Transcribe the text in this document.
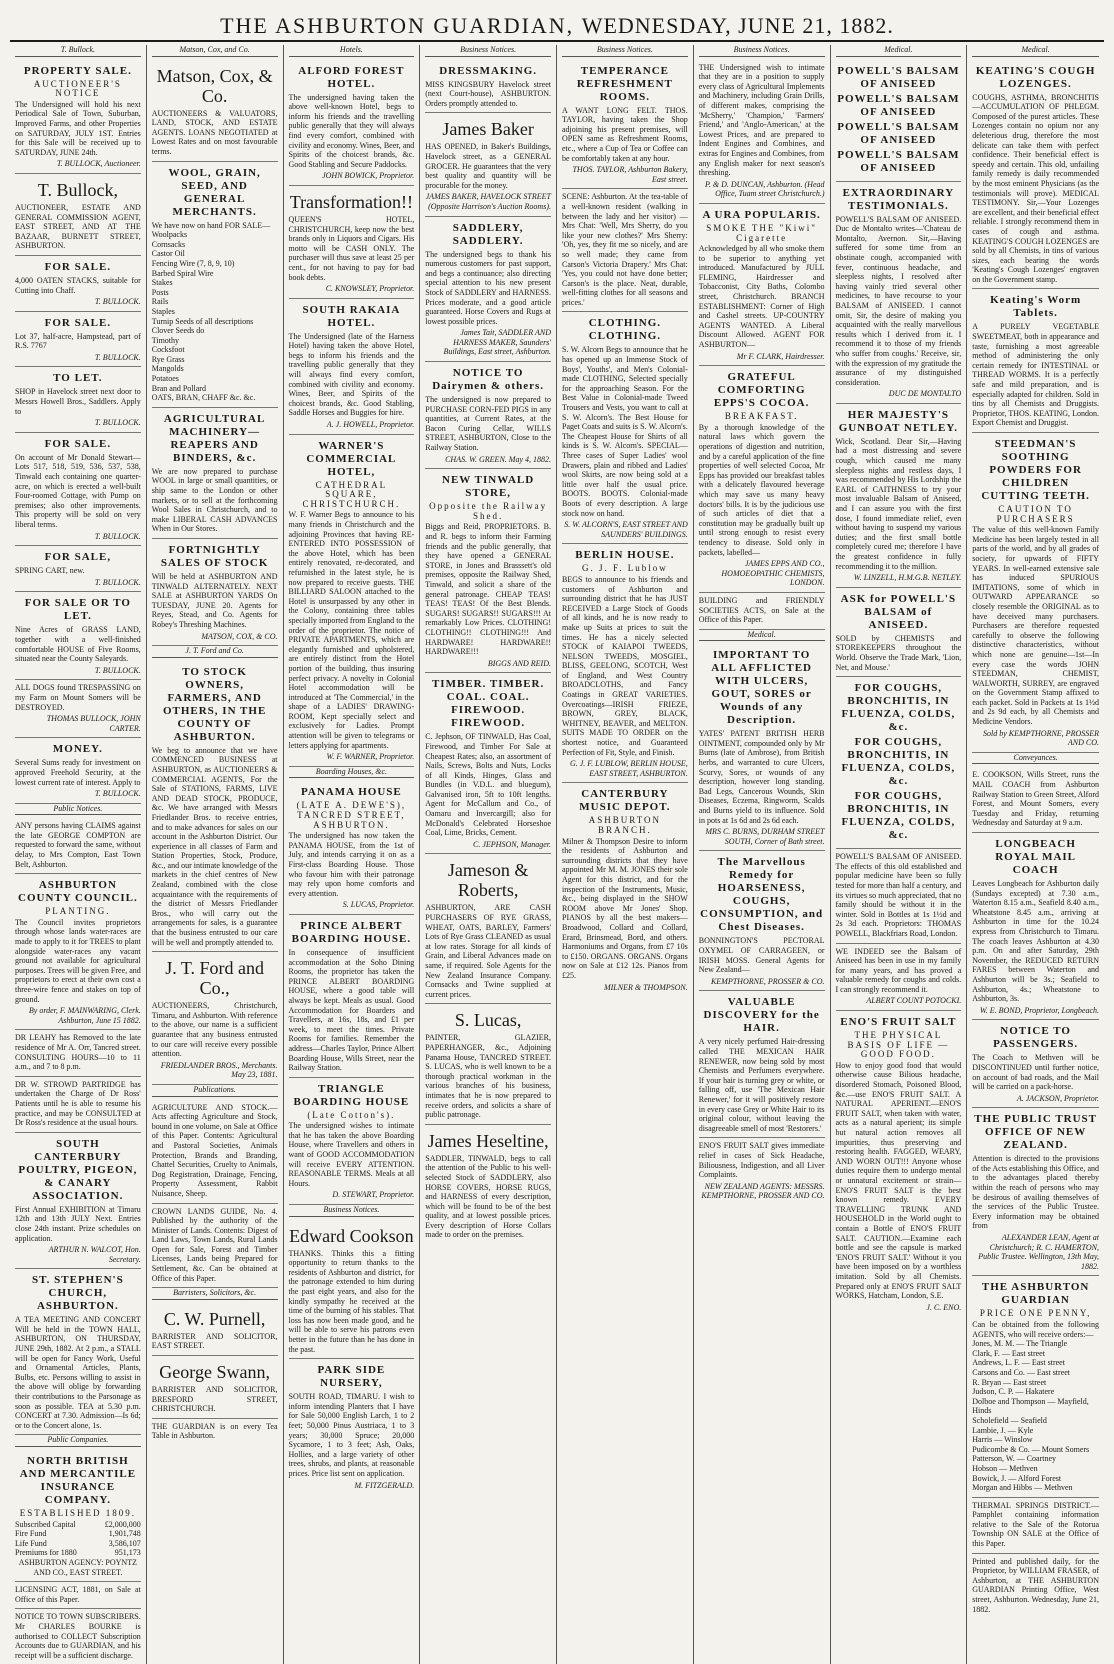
THE ASHBURTON GUARDIAN, WEDNESDAY, JUNE 21, 1882.
T. Bullock.
PROPERTY SALE.
AUCTIONEER'S NOTICE
The Undersigned will hold his next Periodical Sale of Town, Suburban, Improved Farms, and other Properties on SATURDAY, JULY 1ST. Entries for this Sale will be received up to SATURDAY, JUNE 24th.
T. BULLOCK, Auctioneer.
T. Bullock,
AUCTIONEER, ESTATE AND GENERAL COMMISSION AGENT, EAST STREET, AND AT THE BAZAAR, BURNETT STREET, ASHBURTON.
FOR SALE.
4,000 OATEN STACKS, suitable for Cutting into Chaff.
T. BULLOCK.
FOR SALE.
Lot 37, half-acre, Hampstead, part of R.S. 7767
T. BULLOCK.
TO LET.
SHOP in Havelock street next door to Messrs Howell Bros., Saddlers. Apply to
T. BULLOCK.
FOR SALE.
On account of Mr Donald Stewart—Lots 517, 518, 519, 536, 537, 538, Tinwald each containing one quarter-acre, on which is erected a well-built Four-roomed Cottage, with Pump on premises; also other improvements. This property will be sold on very liberal terms.
T. BULLOCK.
FOR SALE,
SPRING CART, new.
T. BULLOCK.
FOR SALE OR TO LET.
Nine Acres of GRASS LAND, together with a well-finished comfortable HOUSE of Five Rooms, situated near the County Saleyards.
T. BULLOCK.
ALL DOGS found TRESPASSING on my Farm on Mount Somers will be DESTROYED.
THOMAS BULLOCK, JOHN CARTER.
MONEY.
Several Sums ready for investment on approved Freehold Security, at the lowest current rate of interest. Apply to
T. BULLOCK.
Public Notices.
ANY persons having CLAIMS against the late GEORGE COMPTON are requested to forward the same, without delay, to Mrs Compton, East Town Belt, Ashburton.
ASHBURTON COUNTY COUNCIL.
PLANTING.
The Council invites proprietors through whose lands water-races are made to apply to it for TREES to plant alongside water-races any vacant ground not available for agricultural purposes. Trees will be given Free, and proprietors to erect at their own cost a three-wire fence and stakes on top of ground.
By order, F. MAINWARING, Clerk. Ashburton, June 15 1882.
DR LEAHY has Removed to the late residence of Mr A. Orr, Tancred street. CONSULTING HOURS—10 to 11 a.m., and 7 to 8 p.m.
DR W. STROWD PARTRIDGE has undertaken the Charge of Dr Ross' Patients until he is able to resume his practice, and may be CONSULTED at Dr Ross's residence at the usual hours.
SOUTH CANTERBURY POULTRY, PIGEON, & CANARY ASSOCIATION.
First Annual EXHIBITION at Timaru 12th and 13th JULY Next. Entries close 24th instant. Prize schedules on application.
ARTHUR N. WALCOT, Hon. Secretary.
ST. STEPHEN'S CHURCH, ASHBURTON.
A TEA MEETING AND CONCERT Will be held in the TOWN HALL, ASHBURTON, ON THURSDAY, JUNE 29th, 1882. At 2 p.m., a STALL will be open for Fancy Work, Useful and Ornamental Articles, Plants, Bulbs, etc. Persons willing to assist in the above will oblige by forwarding their contributions to the Parsonage as soon as possible. TEA at 5.30 p.m. CONCERT at 7.30. Admission—Is 6d; or to the Concert alone, 1s.
Public Companies.
NORTH BRITISH AND MERCANTILE INSURANCE COMPANY.
ESTABLISHED 1809.
Subscribed Capital	£2,000,000
Fire Fund	1,901,748
Life Fund	3,586,107
Premiums for 1880	951,173
ASHBURTON AGENCY: POYNTZ AND CO., EAST STREET.
LICENSING ACT, 1881, on Sale at Office of this Paper.
NOTICE TO TOWN SUBSCRIBERS. Mr CHARLES BOURKE is authorised to COLLECT Subscription Accounts due to GUARDIAN, and his receipt will be a sufficient discharge.
Matson, Cox, and Co.
Matson, Cox, & Co.
AUCTIONEERS & VALUATORS, LAND, STOCK, AND ESTATE AGENTS. LOANS NEGOTIATED at Lowest Rates and on most favourable terms.
WOOL, GRAIN, SEED, AND GENERAL MERCHANTS.
We have now on hand FOR SALE—
Woolpacks
Cornsacks
Castor Oil
Fencing Wire (7, 8, 9, 10)
Barbed Spiral Wire
Stakes
Posts
Rails
Staples
Turnip Seeds of all descriptions
Clover Seeds do
Timothy
Cocksfoot
Rye Grass
Mangolds
Potatoes
Bran and Pollard
OATS, BRAN, CHAFF &c. &c.
AGRICULTURAL MACHINERY—REAPERS AND BINDERS, &c.
We are now prepared to purchase WOOL in large or small quantities, or ship same to the London or other markets, or to sell at the forthcoming Wool Sales in Christchurch, and to make LIBERAL CASH ADVANCES When in Our Stores.
FORTNIGHTLY SALES OF STOCK
Will be held at ASHBURTON AND TINWALD ALTERNATELY. NEXT SALE at ASHBURTON YARDS On TUESDAY, JUNE 20. Agents for Reyes, Stead, and Co. Agents for Robey's Threshing Machines.
MATSON, COX, & CO.
J. T. Ford and Co.
TO STOCK OWNERS, FARMERS, AND OTHERS, IN THE COUNTY OF ASHBURTON.
We beg to announce that we have COMMENCED BUSINESS at ASHBURTON, as AUCTIONEERS & COMMERCIAL AGENTS, For the Sale of STATIONS, FARMS, LIVE AND DEAD STOCK, PRODUCE, &c. We have arranged with Messrs Friedlander Bros. to receive entries, and to make advances for sales on our account in the Ashburton District. Our experience in all classes of Farm and Station Properties, Stock, Produce, &c., and our intimate knowledge of the markets in the chief centres of New Zealand, combined with the close acquaintance with the requirements of the district of Messrs Friedlander Bros., who will carry out the arrangements for sales, is a guarantee that the business entrusted to our care will be well and promptly attended to.
J. T. Ford and Co.,
AUCTIONEERS, Christchurch, Timaru, and Ashburton. With reference to the above, our name is a sufficient guarantee that any business entrusted to our care will receive every possible attention.
FRIEDLANDER BROS., Merchants. May 23, 1881.
Publications.
AGRICULTURE AND STOCK.—Acts affecting Agriculture and Stock, bound in one volume, on Sale at Office of this Paper. Contents: Agricultural and Pastoral Societies, Animals Protection, Brands and Branding, Chattel Securities, Cruelty to Animals, Dog Registration, Drainage, Fencing, Property Assessment, Rabbit Nuisance, Sheep.
CROWN LANDS GUIDE, No. 4. Published by the authority of the Minister of Lands. Contents: Digest of Land Laws, Town Lands, Rural Lands Open for Sale, Forest and Timber Licenses, Lands being Prepared for Settlement, &c. Can be obtained at Office of this Paper.
Barristers, Solicitors, &c.
C. W. Purnell,
BARRISTER AND SOLICITOR, EAST STREET.
George Swann,
BARRISTER AND SOLICITOR, BRESFORD STREET, CHRISTCHURCH.
THE GUARDIAN is on every Tea Table in Ashburton.
Hotels.
ALFORD FOREST HOTEL.
The undersigned having taken the above well-known Hotel, begs to inform his friends and the travelling public generally that they will always find every comfort, combined with civility and economy. Wines, Beer, and Spirits of the choicest brands, &c. Good Stabling and Secure Paddocks.
JOHN BOWICK, Proprietor.
Transformation!!
QUEEN'S HOTEL, CHRISTCHURCH, keep now the best brands only in Liquors and Cigars. His motto will be CASH ONLY. The purchaser will thus save at least 25 per cent., for not having to pay for bad book debts.
C. KNOWSLEY, Proprietor.
SOUTH RAKAIA HOTEL.
The Undersigned (late of the Harness Hotel) having taken the above Hotel, begs to inform his friends and the travelling public generally that they will always find every comfort, combined with civility and economy. Wines, Beer, and Spirits of the choicest brands, &c. Good Stabling, Saddle Horses and Buggies for hire.
A. J. HOWELL, Proprietor.
WARNER'S COMMERCIAL HOTEL,
CATHEDRAL SQUARE, CHRISTCHURCH.
W. F. Warner Begs to announce to his many friends in Christchurch and the adjoining Provinces that having RE-ENTERED INTO POSSESSION of the above Hotel, which has been entirely renovated, re-decorated, and refurnished in the latest style, he is now prepared to receive guests. THE BILLIARD SALOON attached to the Hotel is unsurpassed by any other in the Colony, containing three tables specially imported from England to the order of the proprietor. The notice of PRIVATE APARTMENTS, which are elegantly furnished and upholstered, are entirely distinct from the Hotel portion of the building, thus insuring perfect privacy. A novelty in Colonial Hotel accommodation will be introduced at 'The Commercial,' in the shape of a LADIES' DRAWING-ROOM, Kept specially select and exclusively for Ladies. Prompt attention will be given to telegrams or letters applying for apartments.
W. F. WARNER, Proprietor.
Boarding Houses, &c.
PANAMA HOUSE
(LATE A. DEWE'S), TANCRED STREET, ASHBURTON.
The undersigned has now taken the PANAMA HOUSE, from the 1st of July, and intends carrying it on as a First-class Boarding House. Those who favour him with their patronage may rely upon home comforts and every attention.
S. LUCAS, Proprietor.
PRINCE ALBERT BOARDING HOUSE.
In consequence of insufficient accommodation at the Soho Dining Rooms, the proprietor has taken the PRINCE ALBERT BOARDING HOUSE, where a good table will always be kept. Meals as usual. Good Accommodation for Boarders and Travellers, at 16s, 18s, and £1 per week, to meet the times. Private Rooms for families. Remember the address—Charles Taylor, Prince Albert Boarding House, Wills Street, near the Railway Station.
TRIANGLE BOARDING HOUSE
(Late Cotton's).
The undersigned wishes to intimate that he has taken the above Boarding House, where Travellers and others in want of GOOD ACCOMMODATION will receive EVERY ATTENTION. REASONABLE TERMS. Meals at all Hours.
D. STEWART, Proprietor.
Business Notices.
Edward Cookson
THANKS. Thinks this a fitting opportunity to return thanks to the residents of Ashburton and district, for the patronage extended to him during the past eight years, and also for the kindly sympathy he received at the time of the burning of his stables. That loss has now been made good, and he will be able to serve his patrons even better in the future than he has done in the past.
PARK SIDE NURSERY,
SOUTH ROAD, TIMARU. I wish to inform intending Planters that I have for Sale 50,000 English Larch, 1 to 2 feet; 50,000 Pinus Austriaca, 1 to 3 years; 30,000 Spruce; 20,000 Sycamore, 1 to 3 feet; Ash, Oaks, Hollies, and a large variety of other trees, shrubs, and plants, at reasonable prices. Price list sent on application.
M. FITZGERALD.
Business Notices.
DRESSMAKING.
MISS KINGSBURY Havelock street (next Court-house), ASHBURTON. Orders promptly attended to.
James Baker
HAS OPENED, in Baker's Buildings, Havelock street, as a GENERAL GROCER. He guarantees that the very best quality and quantity will be procurable for the money.
JAMES BAKER, HAVELOCK STREET (Opposite Harrison's Auction Rooms).
SADDLERY, SADDLERY.
The undersigned begs to thank his numerous customers for past support, and begs a continuance; also directing special attention to his new present Stock of SADDLERY and HARNESS. Prices moderate, and a good article guaranteed. Horse Covers and Rugs at lowest possible prices.
James Tait, SADDLER AND HARNESS MAKER, Saunders' Buildings, East street, Ashburton.
NOTICE TO Dairymen & others.
The undersigned is now prepared to PURCHASE CORN-FED PIGS in any quantities, at Current Rates, at the Bacon Curing Cellar, WILLS STREET, ASHBURTON, Close to the Railway Station.
CHAS. W. GREEN. May 4, 1882.
NEW TINWALD STORE,
Opposite the Railway Shed.
Biggs and Reid, PROPRIETORS. B. and R. begs to inform their Farming friends and the public generally, that they have opened a GENERAL STORE, in Jones and Brasssett's old premises, opposite the Railway Shed, Tinwald, and solicit a share of the general patronage. CHEAP TEAS! TEAS! TEAS! Of the Best Blends. SUGARS! SUGARS!! SUGARS!!! At remarkably Low Prices. CLOTHING! CLOTHING!! CLOTHING!!! And HARDWARE! HARDWARE!! HARDWARE!!!
BIGGS AND REID.
TIMBER. TIMBER. COAL. COAL. FIREWOOD. FIREWOOD.
C. Jephson, OF TINWALD, Has Coal, Firewood, and Timber For Sale at Cheapest Rates; also, an assortment of Nails, Screws, Bolts and Nuts, Locks of all Kinds, Hinges, Glass and Bundles (in V.D.L. and bluegum), Galvanised iron, 5ft to 10ft lengths. Agent for McCallum and Co., of Oamaru and Invercargill; also for McDonald's Celebrated Horseshoe Coal, Lime, Bricks, Cement.
C. JEPHSON, Manager.
Jameson & Roberts,
ASHBURTON, ARE CASH PURCHASERS OF RYE GRASS, WHEAT, OATS, BARLEY, Farmers' Lots of Rye Grass CLEANED as usual at low rates. Storage for all kinds of Grain, and Liberal Advances made on same, if required. Sole Agents for the New Zealand Insurance Company. Cornsacks and Twine supplied at current prices.
S. Lucas,
PAINTER, GLAZIER, PAPERHANGER, &c., Adjoining Panama House, TANCRED STREET. S. LUCAS, who is well known to be a thorough practical workman in the various branches of his business, intimates that he is now prepared to receive orders, and solicits a share of public patronage.
James Heseltine,
SADDLER, TINWALD, begs to call the attention of the Public to his well-selected Stock of SADDLERY, also HORSE COVERS, HORSE RUGS, and HARNESS of every description, which will be found to be of the best quality, and at lowest possible prices. Every description of Horse Collars made to order on the premises.
Business Notices.
TEMPERANCE REFRESHMENT ROOMS.
A WANT LONG FELT. THOS. TAYLOR, having taken the Shop adjoining his present premises, will OPEN same as Refreshment Rooms, etc., where a Cup of Tea or Coffee can be comfortably taken at any hour.
THOS. TAYLOR, Ashburton Bakery, East street.
SCENE: Ashburton. At the tea-table of a well-known resident (walking in between the lady and her visitor) — Mrs Chat: 'Well, Mrs Sherry, do you like your new clothes?' Mrs Sherry: 'Oh, yes, they fit me so nicely, and are so well made; they came from Carson's Victoria Drapery.' Mrs Chat: 'Yes, you could not have done better; Carson's is the place. Neat, durable, well-fitting clothes for all seasons and prices.'
CLOTHING. CLOTHING.
S. W. Alcorn Begs to announce that he has opened up an Immense Stock of Boys', Youths', and Men's Colonial-made CLOTHING, Selected specially for the approaching Season. For the Best Value in Colonial-made Tweed Trousers and Vests, you want to call at S. W. Alcorn's. The Best House for Paget Coats and suits is S. W. Alcorn's. The Cheapest House for Shirts of all kinds is S. W. Alcorn's. SPECIAL—Three cases of Super Ladies' wool Drawers, plain and ribbed and Ladies' wool Skirts, are now being sold at a little over half the usual price. BOOTS. BOOTS. Colonial-made Boots of every description. A large stock now on hand.
S. W. ALCORN'S, EAST STREET AND SAUNDERS' BUILDINGS.
BERLIN HOUSE.
G. J. F. Lublow
BEGS to announce to his friends and customers of Ashburton and surrounding district that he has JUST RECEIVED a Large Stock of Goods of all kinds, and he is now ready to make up Suits at prices to suit the times. He has a nicely selected STOCK of KAIAPOI TWEEDS, NELSON TWEEDS, MOSGIEL, BLISS, GEELONG, SCOTCH, West of England, and West Country BROADCLOTHS, and Fancy Coatings in GREAT VARIETIES. Overcoatings—IRISH FRIEZE, BROWN, GREY, BLACK, WHITNEY, BEAVER, and MELTON. SUITS MADE TO ORDER on the shortest notice, and Guaranteed Perfection of Fit, Style, and Finish.
G. J. F. LUBLOW, BERLIN HOUSE, EAST STREET, ASHBURTON.
CANTERBURY MUSIC DEPOT.
ASHBURTON BRANCH.
Milner & Thompson Desire to inform the residents of Ashburton and surrounding districts that they have appointed Mr M. M. JONES their sole Agent for this district, and for the inspection of the Instruments, Music, &c., being displayed in the SHOW ROOM above Mr Jones' Shop. PIANOS by all the best makers—Broadwood, Collard and Collard, Erard, Brinsmead, Bord, and others. Harmoniums and Organs, from £7 10s to £150. ORGANS. ORGANS. Organs now on Sale at £12 12s. Pianos from £25.
MILNER & THOMPSON.
Business Notices.
THE Undersigned wish to intimate that they are in a position to supply every class of Agricultural Implements and Machinery, including Grain Drills, of different makes, comprising the 'McSherry,' 'Champion,' 'Farmers' Friend,' and 'Anglo-American,' at the Lowest Prices, and are prepared to Indent Engines and Combines, and extras for Engines and Combines, from any English maker for next season's threshing.
P. & D. DUNCAN, Ashburton. (Head Office, Tuam street Christchurch.)
A URA POPULARIS.
SMOKE THE "Kiwi" Cigarette
Acknowledged by all who smoke them to be superior to anything yet introduced. Manufactured by JULL FLEMING, Hairdresser and Tobacconist, City Baths, Colombo street, Christchurch. BRANCH ESTABLISHMENT: Corner of High and Cashel streets. UP-COUNTRY AGENTS WANTED. A Liberal Discount Allowed. AGENT FOR ASHBURTON—
Mr F. CLARK, Hairdresser.
GRATEFUL COMFORTING EPPS'S COCOA.
BREAKFAST.
By a thorough knowledge of the natural laws which govern the operations of digestion and nutrition, and by a careful application of the fine properties of well selected Cocoa, Mr Epps has provided our breakfast tables with a delicately flavoured beverage which may save us many heavy doctors' bills. It is by the judicious use of such articles of diet that a constitution may be gradually built up until strong enough to resist every tendency to disease. Sold only in packets, labelled—
JAMES EPPS AND CO., HOMOEOPATHIC CHEMISTS, LONDON.
BUILDING and FRIENDLY SOCIETIES ACTS, on Sale at the Office of this Paper.
Medical.
IMPORTANT TO ALL AFFLICTED WITH ULCERS, GOUT, SORES or Wounds of any Description.
YATES' PATENT BRITISH HERB OINTMENT, compounded only by Mr Burns (late of Ambrose), from British herbs, and warranted to cure Ulcers, Scurvy, Sores, or wounds of any description, however long standing. Bad Legs, Cancerous Wounds, Skin Diseases, Eczema, Ringworm, Scalds and Burns yield to its influence. Sold in pots at 1s 6d and 2s 6d each.
MRS C. BURNS, DURHAM STREET SOUTH, Corner of Bath street.
The Marvellous Remedy for HOARSENESS, COUGHS, CONSUMPTION, and Chest Diseases.
BONNINGTON'S PECTORAL OXYMEL OF CARRAGEEN, or IRISH MOSS. General Agents for New Zealand—
KEMPTHORNE, PROSSER & CO.
VALUABLE DISCOVERY for the HAIR.
A very nicely perfumed Hair-dressing called THE MEXICAN HAIR RENEWER, now being sold by most Chemists and Perfumers everywhere. If your hair is turning grey or white, or falling off, use 'The Mexican Hair Renewer,' for it will positively restore in every case Grey or White Hair to its original colour, without leaving the disagreeable smell of most 'Restorers.'
ENO'S FRUIT SALT gives immediate relief in cases of Sick Headache, Biliousness, Indigestion, and all Liver Complaints.
NEW ZEALAND AGENTS: MESSRS. KEMPTHORNE, PROSSER AND CO.
Medical.
POWELL'S BALSAM OF ANISEED
POWELL'S BALSAM OF ANISEED
POWELL'S BALSAM OF ANISEED
POWELL'S BALSAM OF ANISEED
EXTRAORDINARY TESTIMONIALS.
POWELL'S BALSAM OF ANISEED. Duc de Montalto writes—'Chateau de Montalto, Avernon. Sir,—Having suffered for some time from an obstinate cough, accompanied with fever, continuous headache, and sleepless nights, I resolved after having vainly tried several other medicines, to have recourse to your BALSAM of ANISEED. I cannot omit, Sir, the desire of making you acquainted with the really marvellous results which I derived from it. I recommend it to those of my friends who suffer from coughs.' Receive, sir, with the expression of my gratitude the assurance of my distinguished consideration.
DUC DE MONTALTO
HER MAJESTY'S GUNBOAT NETLEY.
Wick, Scotland. Dear Sir,—Having had a most distressing and severe cough, which caused me many sleepless nights and restless days, I was recommended by His Lordship the EARL of CAITHNESS to try your most invaluable Balsam of Aniseed, and I can assure you with the first dose, I found immediate relief, even without having to suspend my various duties; and the first small bottle completely cured me; therefore I have the greatest confidence in fully recommending it to the million.
W. LINZELL, H.M.G.B. NETLEY.
ASK for POWELL'S BALSAM of ANISEED.
SOLD by CHEMISTS and STOREKEEPERS throughout the World. Observe the Trade Mark, 'Lion, Net, and Mouse.'
FOR COUGHS, BRONCHITIS, IN FLUENZA, COLDS, &c.
FOR COUGHS, BRONCHITIS, IN FLUENZA, COLDS, &c.
FOR COUGHS, BRONCHITIS, IN FLUENZA, COLDS, &c.
POWELL'S BALSAM OF ANISEED. The effects of this old established and popular medicine have been so fully tested for more than half a century, and its virtues so much appreciated, that no family should be without it in the winter. Sold in Bottles at 1s 1½d and 2s 3d each. Proprietors: THOMAS POWELL, Blackfriars Road, London.
WE INDEED see the Balsam of Aniseed has been in use in my family for many years, and has proved a valuable remedy for coughs and colds. I can strongly recommend it.
ALBERT COUNT POTOCKI.
ENO'S FRUIT SALT
THE PHYSICAL BASIS OF LIFE — GOOD FOOD.
How to enjoy good food that would otherwise cause Bilious headache, disordered Stomach, Poisoned Blood, &c.—use ENO'S FRUIT SALT. A NATURAL APERIENT.—ENO'S FRUIT SALT, when taken with water, acts as a natural aperient; its simple but natural action removes all impurities, thus preserving and restoring health. FAGGED, WEARY, AND WORN OUT!!! Anyone whose duties require them to undergo mental or unnatural excitement or strain—ENO'S FRUIT SALT is the best known remedy. EVERY TRAVELLING TRUNK AND HOUSEHOLD in the World ought to contain a Bottle of ENO'S FRUIT SALT. CAUTION.—Examine each bottle and see the capsule is marked 'ENO'S FRUIT SALT.' Without it you have been imposed on by a worthless imitation. Sold by all Chemists. Prepared only at ENO'S FRUIT SALT WORKS, Hatcham, London, S.E.
J. C. ENO.
Medical.
KEATING'S COUGH LOZENGES.
COUGHS, ASTHMA, BRONCHITIS —ACCUMULATION OF PHLEGM. Composed of the purest articles. These Lozenges contain no opium nor any deleterious drug, therefore the most delicate can take them with perfect confidence. Their beneficial effect is speedy and certain. This old, unfailing family remedy is daily recommended by the most eminent Physicians (as the testimonials will prove). MEDICAL TESTIMONY. Sir,—Your Lozenges are excellent, and their beneficial effect reliable. I strongly recommend them in cases of cough and asthma. KEATING'S COUGH LOZENGES are sold by all Chemists, in tins of various sizes, each bearing the words 'Keating's Cough Lozenges' engraven on the Government stamp.
Keating's Worm Tablets.
A PURELY VEGETABLE SWEETMEAT, both in appearance and taste, furnishing a most agreeable method of administering the only certain remedy for INTESTINAL or THREAD WORMS. It is a perfectly safe and mild preparation, and is especially adapted for children. Sold in tins by all Chemists and Druggists. Proprietor, THOS. KEATING, London. Export Chemist and Druggist.
STEEDMAN'S SOOTHING POWDERS FOR CHILDREN CUTTING TEETH.
CAUTION TO PURCHASERS
The value of this well-known Family Medicine has been largely tested in all parts of the world, and by all grades of society, for upwards of FIFTY YEARS. In well-earned extensive sale has induced SPURIOUS IMITATIONS, some of which in OUTWARD APPEARANCE so closely resemble the ORIGINAL as to have deceived many purchasers. Purchasers are therefore requested carefully to observe the following distinctive characteristics, without which none are genuine—1st—In every case the words JOHN STEEDMAN, CHEMIST, WALWORTH, SURREY, are engraved on the Government Stamp affixed to each packet. Sold in Packets at 1s 1½d and 2s 9d each, by all Chemists and Medicine Vendors.
Sold by KEMPTHORNE, PROSSER AND CO.
Conveyances.
E. COOKSON, Wills Street, runs the MAIL COACH from Ashburton Railway Station to Green Street, Alford Forest, and Mount Somers, every Tuesday and Friday, returning Wednesday and Saturday at 9 a.m.
LONGBEACH ROYAL MAIL COACH
Leaves Longbeach for Ashburton daily (Sundays excepted) at 7.30 a.m., Waterton 8.15 a.m., Seafield 8.40 a.m., Wheatstone 8.45 a.m., arriving at Ashburton in time for the 10.24 express from Christchurch to Timaru. The coach leaves Ashburton at 4.30 p.m. On and after Saturday, 29th November, the REDUCED RETURN FARES between Waterton and Ashburton will be 3s.; Seafield to Ashburton, 4s.; Wheatstone to Ashburton, 3s.
W. E. BOND, Proprietor, Longbeach.
NOTICE TO PASSENGERS.
The Coach to Methven will be DISCONTINUED until further notice, on account of bad roads, and the Mail will be carried on a pack-horse.
A. JACKSON, Proprietor.
THE PUBLIC TRUST OFFICE OF NEW ZEALAND.
Attention is directed to the provisions of the Acts establishing this Office, and to the advantages placed thereby within the reach of persons who may be desirous of availing themselves of the services of the Public Trustee. Every information may be obtained from
ALEXANDER LEAN, Agent at Christchurch; R. C. HAMERTON, Public Trustee. Wellington, 13th May, 1882.
THE ASHBURTON GUARDIAN
PRICE ONE PENNY,
Can be obtained from the following AGENTS, who will receive orders:—
Jones, M. M. — The Triangle
Clark, F. — East street
Andrews, L. F. — East street
Carsons and Co. — East street
R. Bryan — East street
Judson, C. P. — Hakatere
Dolboe and Thompson — Mayfield, Hinds
Scholefield — Seafield
Lambie, J. — Kyle
Harris — Winslow
Pudicombe & Co. — Mount Somers
Patterson, W. — Coartney
Hobson — Methven
Bowick, J. — Alford Forest
Morgan and Hibbs — Methven
THERMAL SPRINGS DISTRICT.—Pamphlet containing information relative to the Sale of the Rotorua Township ON SALE at the Office of this Paper.
Printed and published daily, for the Proprietor, by WILLIAM FRASER, of Ashburton, at THE ASHBURTON GUARDIAN Printing Office, West street, Ashburton. Wednesday, June 21, 1882.
